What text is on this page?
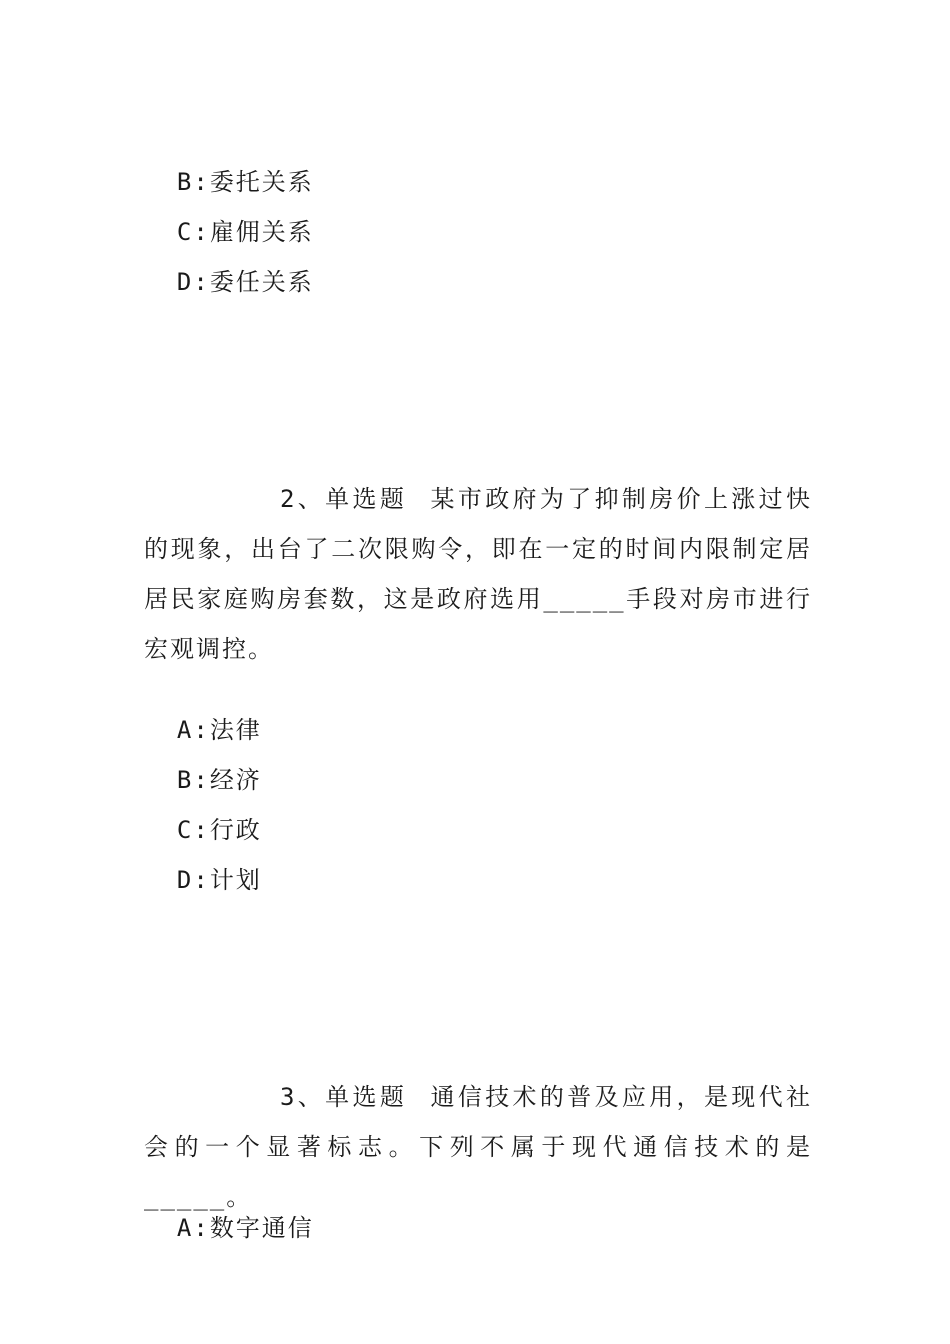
B:委托关系

C:雇佣关系

D:委任关系

2、单选题 某市政府为了抑制房价上涨过快的现象，出台了二次限购令，即在一定的时间内限制定居居民家庭购房套数，这是政府选用_____手段对房市进行宏观调控。

A:法律

B:经济

C:行政

D:计划

3、单选题 通信技术的普及应用，是现代社会的一个显著标志。下列不属于现代通信技术的是_____。

A:数字通信
